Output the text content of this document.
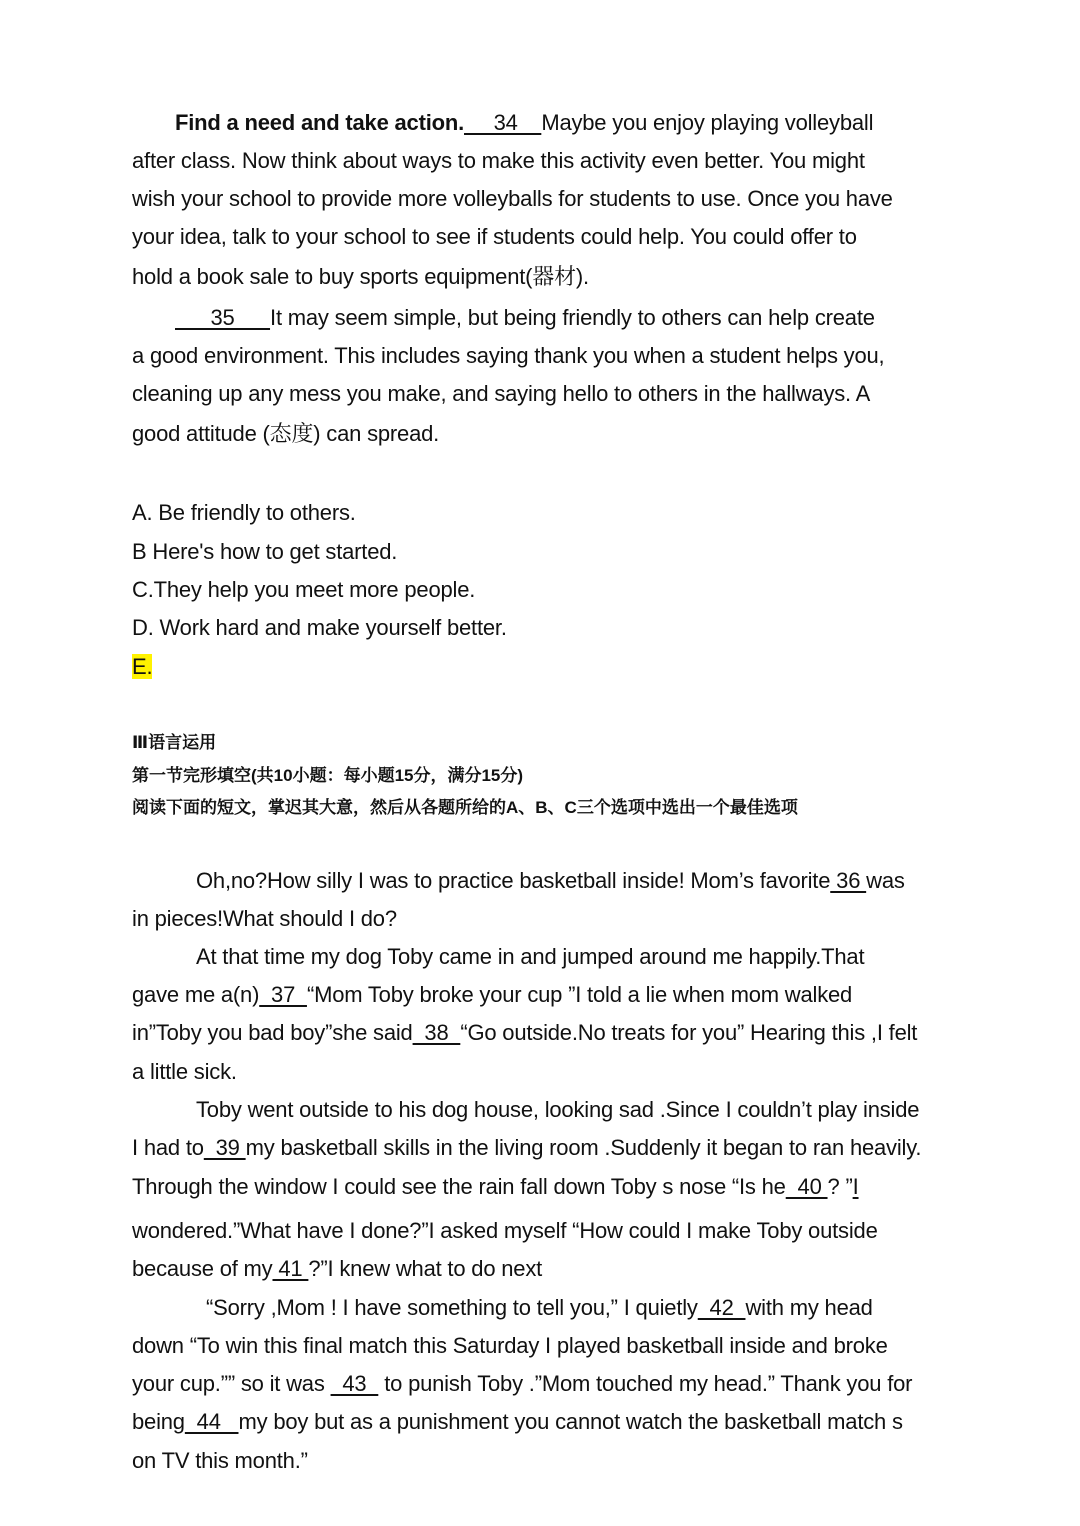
Find a need and take action.     34    Maybe you enjoy playing volleyball
after class. Now think about ways to make this activity even better. You might
wish your school to provide more volleyballs for students to use. Once you have
your idea, talk to your school to see if students could help. You could offer to
hold a book sale to buy sports equipment(器材).
35      It may seem simple, but being friendly to others can help create
a good environment. This includes saying thank you when a student helps you,
cleaning up any mess you make, and saying hello to others in the hallways. A
good attitude (态度) can spread.
A. Be friendly to others.
B Here's how to get started.
C.They help you meet more people.
D. Work hard and make yourself better.
E.
Ⅲ语言运用
第一节完形填空(共10小题：每小题15分，满分15分)
阅读下面的短文，掌迟其大意，然后从各题所给的A、B、C三个选项中选出一个最佳选项
Oh,no?How silly I was to practice basketball inside! Mom’s favorite 36 was
in pieces!What should I do?
At that time my dog Toby came in and jumped around me happily.That
gave me a(n)  37  “Mom Toby broke your cup ”I told a lie when mom walked
in”Toby you bad boy”she said  38  “Go outside.No treats for you” Hearing this ,I felt
a little sick.
Toby went outside to his dog house, looking sad .Since I couldn’t play inside
I had to  39 my basketball skills in the living room .Suddenly it began to ran heavily.
Through the window I could see the rain fall down Toby s nose “Is he  40 ? ”I
wondered.”What have I done?”I asked myself “How could I make Toby outside
because of my 41 ?”I knew what to do next
“Sorry ,Mom ! I have something to tell you,” I quietly  42  with my head
down “To win this final match this Saturday I played basketball inside and broke
your cup.”” so it was   43   to punish Toby .”Mom touched my head.” Thank you for
being  44   my boy but as a punishment you cannot watch the basketball match s
on TV this month.”
